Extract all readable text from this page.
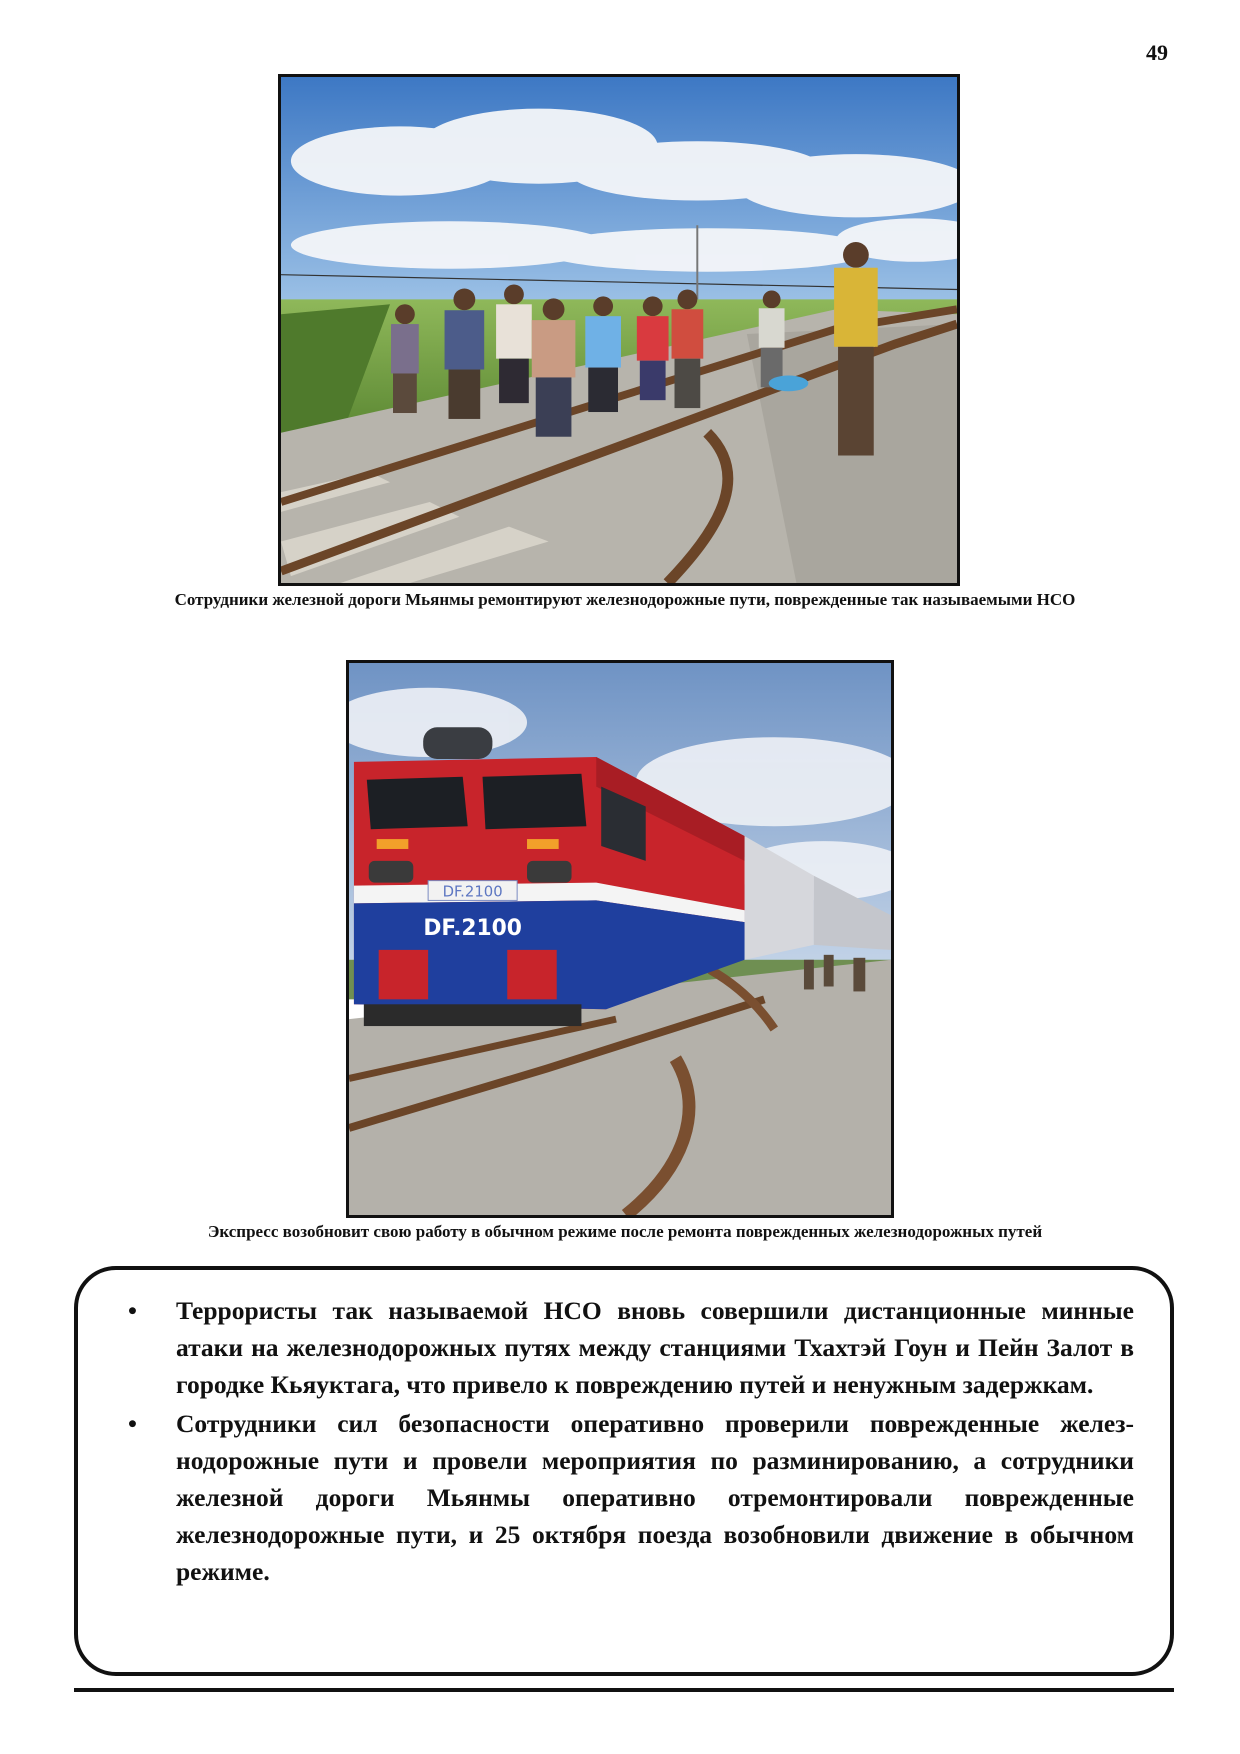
49
Сотрудники железной дороги Мьянмы ремонтируют железнодорожные пути, поврежденные так называемыми НСО
DF.2100
DF.2100
Экспресс возобновит свою работу в обычном режиме после ремонта поврежденных железнодорожных путей
• Террористы так называемой НСО вновь совершили дистанционные минные атаки на железнодорожных путях между станциями Тхахтэй Гоун и Пейн Залот в городке Кьяуктага, что привело к повреждению путей и ненужным задержкам.
• Сотрудники сил безопасности оперативно проверили поврежденные железнодорожные пути и провели мероприятия по разминированию, а сотрудники железной дороги Мьянмы оперативно отремонтировали поврежденные железнодорожные пути, и 25 октября поезда возобновили движение в обычном режиме.
